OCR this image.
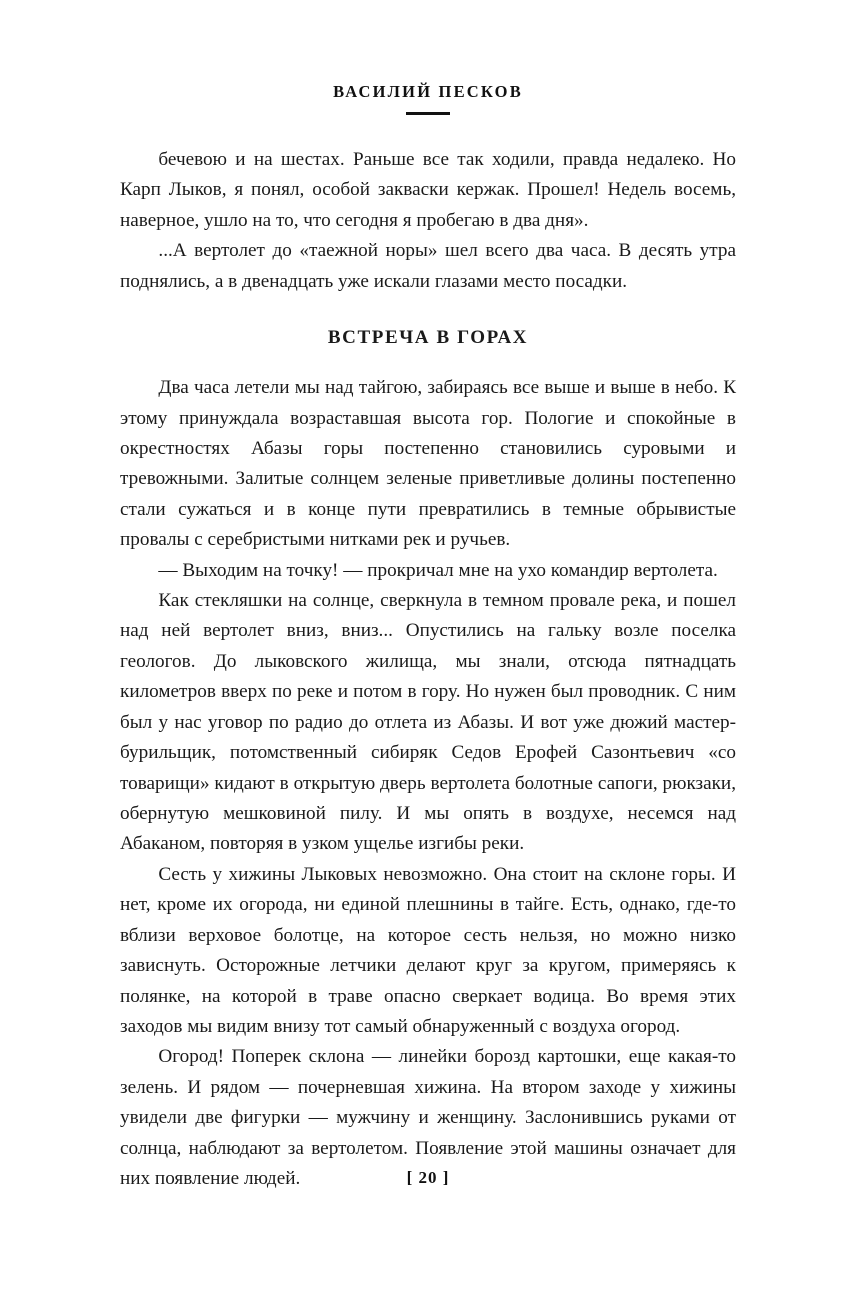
ВАСИЛИЙ ПЕСКОВ

бечевою и на шестах. Раньше все так ходили, правда недалеко. Но Карп Лыков, я понял, особой закваски кержак. Прошел! Недель восемь, наверное, ушло на то, что сегодня я пробегаю в два дня».

...А вертолет до «таежной норы» шел всего два часа. В десять утра поднялись, а в двенадцать уже искали глазами место посадки.

ВСТРЕЧА В ГОРАХ

Два часа летели мы над тайгою, забираясь все выше и выше в небо. К этому принуждала возраставшая высота гор. Пологие и спокойные в окрестностях Абазы горы постепенно становились суровыми и тревожными. Залитые солнцем зеленые приветливые долины постепенно стали сужаться и в конце пути превратились в темные обрывистые провалы с серебристыми нитками рек и ручьев.

— Выходим на точку! — прокричал мне на ухо командир вертолета.

Как стекляшки на солнце, сверкнула в темном провале река, и пошел над ней вертолет вниз, вниз... Опустились на гальку возле поселка геологов. До лыковского жилища, мы знали, отсюда пятнадцать километров вверх по реке и потом в гору. Но нужен был проводник. С ним был у нас уговор по радио до отлета из Абазы. И вот уже дюжий мастер-бурильщик, потомственный сибиряк Седов Ерофей Сазонтьевич «со товарищи» кидают в открытую дверь вертолета болотные сапоги, рюкзаки, обернутую мешковиной пилу. И мы опять в воздухе, несемся над Абаканом, повторяя в узком ущелье изгибы реки.

Сесть у хижины Лыковых невозможно. Она стоит на склоне горы. И нет, кроме их огорода, ни единой плешнины в тайге. Есть, однако, где-то вблизи верховое болотце, на которое сесть нельзя, но можно низко зависнуть. Осторожные летчики делают круг за кругом, примеряясь к полянке, на которой в траве опасно сверкает водица. Во время этих заходов мы видим внизу тот самый обнаруженный с воздуха огород.

Огород! Поперек склона — линейки борозд картошки, еще какая-то зелень. И рядом — почерневшая хижина. На втором заходе у хижины увидели две фигурки — мужчину и женщину. Заслонившись руками от солнца, наблюдают за вертолетом. Появление этой машины означает для них появление людей.	[ 20 ]
